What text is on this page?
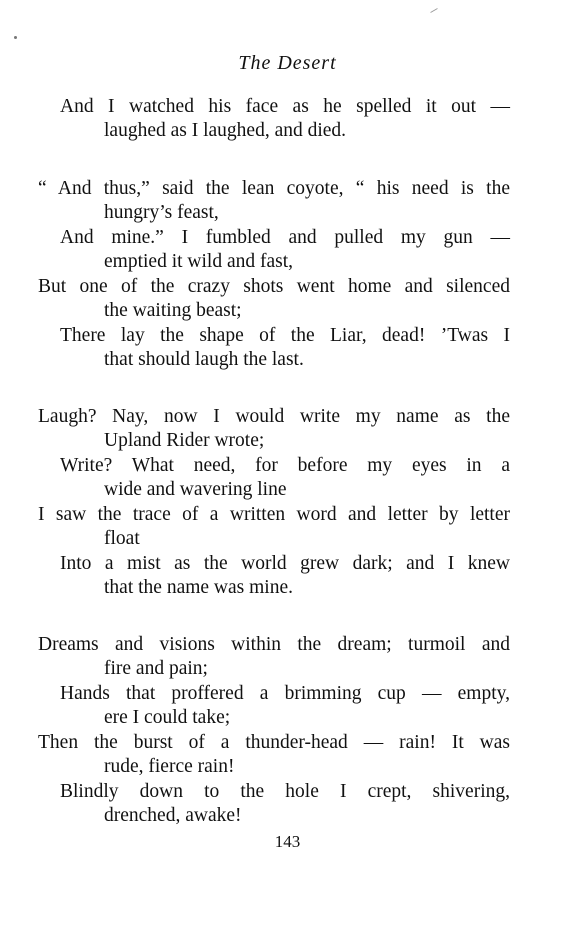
The Desert
And I watched his face as he spelled it out —
laughed as I laughed, and died.
“ And thus,” said the lean coyote, “ his need is the
hungry’s feast,
And mine.” I fumbled and pulled my gun —
emptied it wild and fast,
But one of the crazy shots went home and silenced
the waiting beast;
There lay the shape of the Liar, dead! ’Twas I
that should laugh the last.
Laugh? Nay, now I would write my name as the
Upland Rider wrote;
Write? What need, for before my eyes in a
wide and wavering line
I saw the trace of a written word and letter by letter
float
Into a mist as the world grew dark; and I knew
that the name was mine.
Dreams and visions within the dream; turmoil and
fire and pain;
Hands that proffered a brimming cup — empty,
ere I could take;
Then the burst of a thunder-head — rain! It was
rude, fierce rain!
Blindly down to the hole I crept, shivering,
drenched, awake!
143
